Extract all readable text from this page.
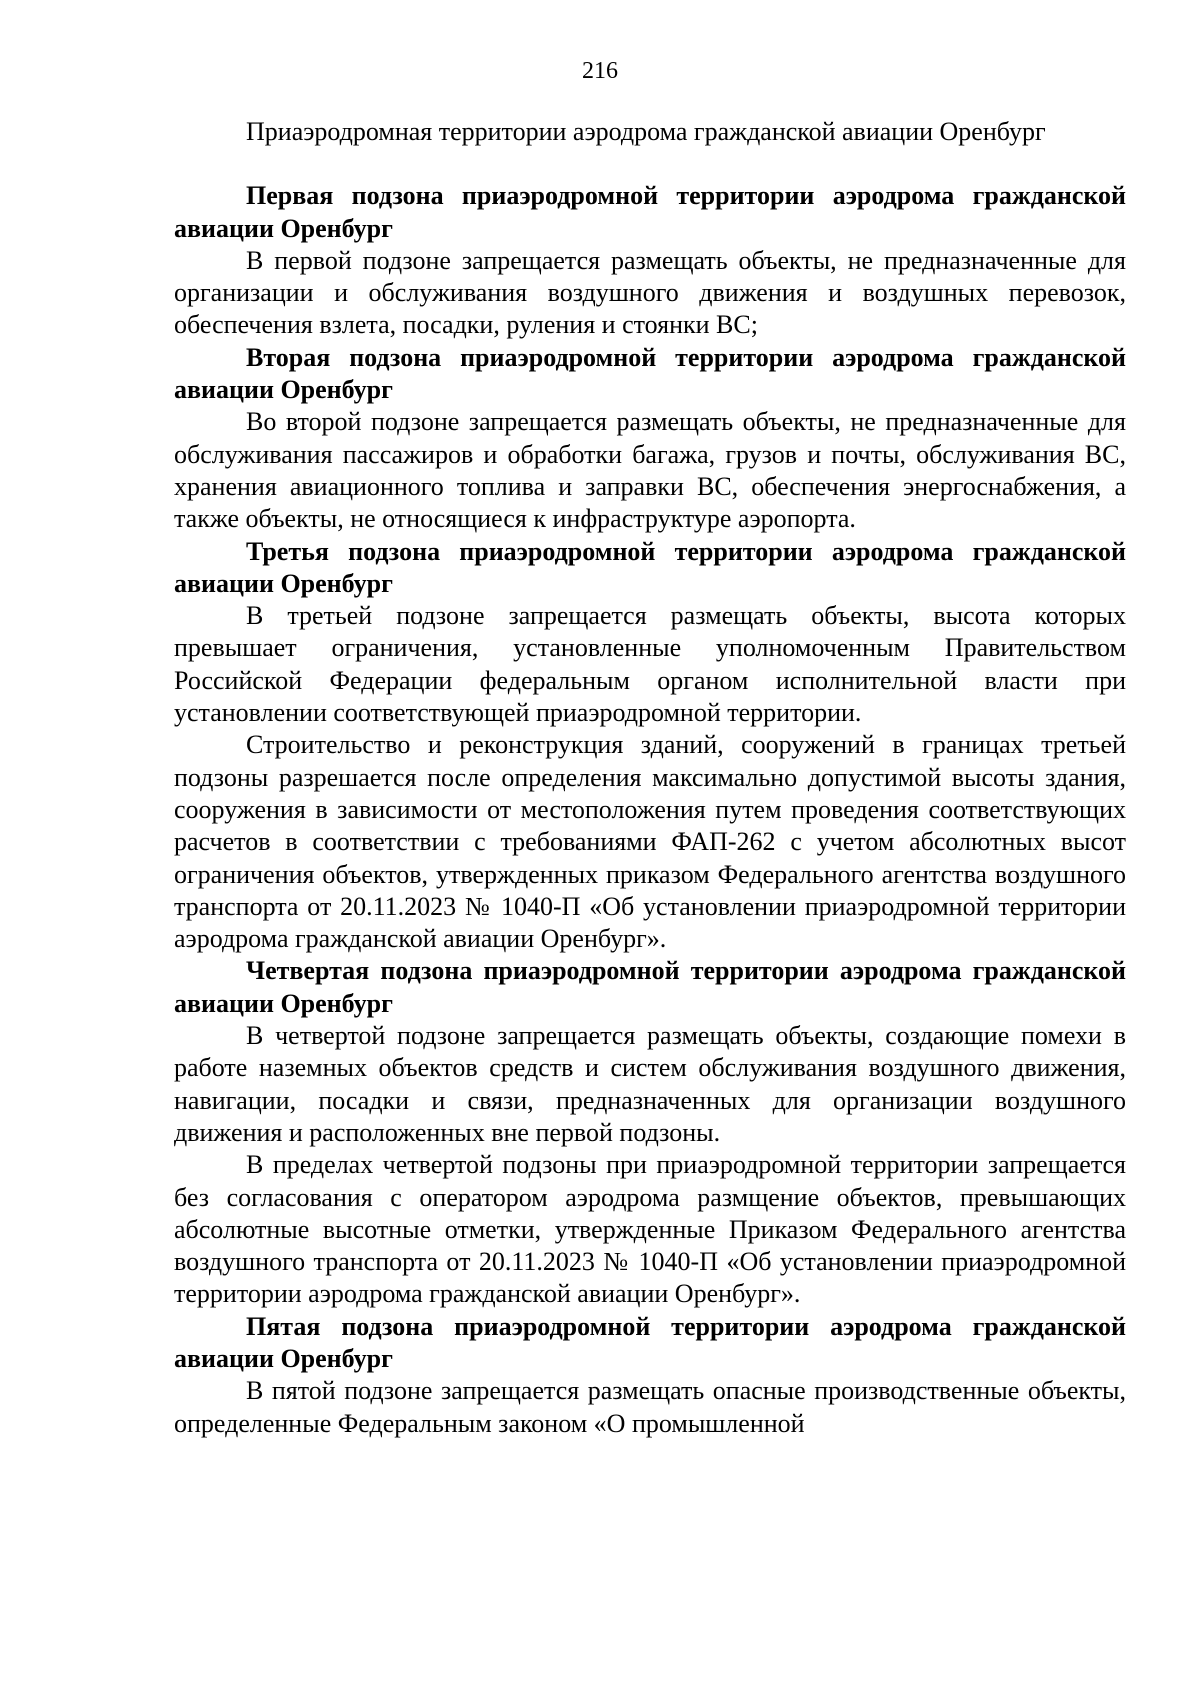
216

Приаэродромная территории аэродрома гражданской авиации Оренбург

Первая подзона приаэродромной территории аэродрома гражданской авиации Оренбург

В первой подзоне запрещается размещать объекты, не предназначенные для организации и обслуживания воздушного движения и воздушных перевозок, обеспечения взлета, посадки, руления и стоянки ВС;

Вторая подзона приаэродромной территории аэродрома гражданской авиации Оренбург

Во второй подзоне запрещается размещать объекты, не предназначенные для обслуживания пассажиров и обработки багажа, грузов и почты, обслуживания ВС, хранения авиационного топлива и заправки ВС, обеспечения энергоснабжения, а также объекты, не относящиеся к инфраструктуре аэропорта.

Третья подзона приаэродромной территории аэродрома гражданской авиации Оренбург

В третьей подзоне запрещается размещать объекты, высота которых превышает ограничения, установленные уполномоченным Правительством Российской Федерации федеральным органом исполнительной власти при установлении соответствующей приаэродромной территории.

Строительство и реконструкция зданий, сооружений в границах третьей подзоны разрешается после определения максимально допустимой высоты здания, сооружения в зависимости от местоположения путем проведения соответствующих расчетов в соответствии с требованиями ФАП-262 с учетом абсолютных высот ограничения объектов, утвержденных приказом Федерального агентства воздушного транспорта от 20.11.2023 № 1040-П «Об установлении приаэродромной территории аэродрома гражданской авиации Оренбург».

Четвертая подзона приаэродромной территории аэродрома гражданской авиации Оренбург

В четвертой подзоне запрещается размещать объекты, создающие помехи в работе наземных объектов средств и систем обслуживания воздушного движения, навигации, посадки и связи, предназначенных для организации воздушного движения и расположенных вне первой подзоны.

В пределах четвертой подзоны при приаэродромной территории запрещается без согласования с оператором аэродрома размщение объектов, превышающих абсолютные высотные отметки, утвержденные Приказом Федерального агентства воздушного транспорта от 20.11.2023 № 1040-П «Об установлении приаэродромной территории аэродрома гражданской авиации Оренбург».

Пятая подзона приаэродромной территории аэродрома гражданской авиации Оренбург

В пятой подзоне запрещается размещать опасные производственные объекты, определенные Федеральным законом «О промышленной
